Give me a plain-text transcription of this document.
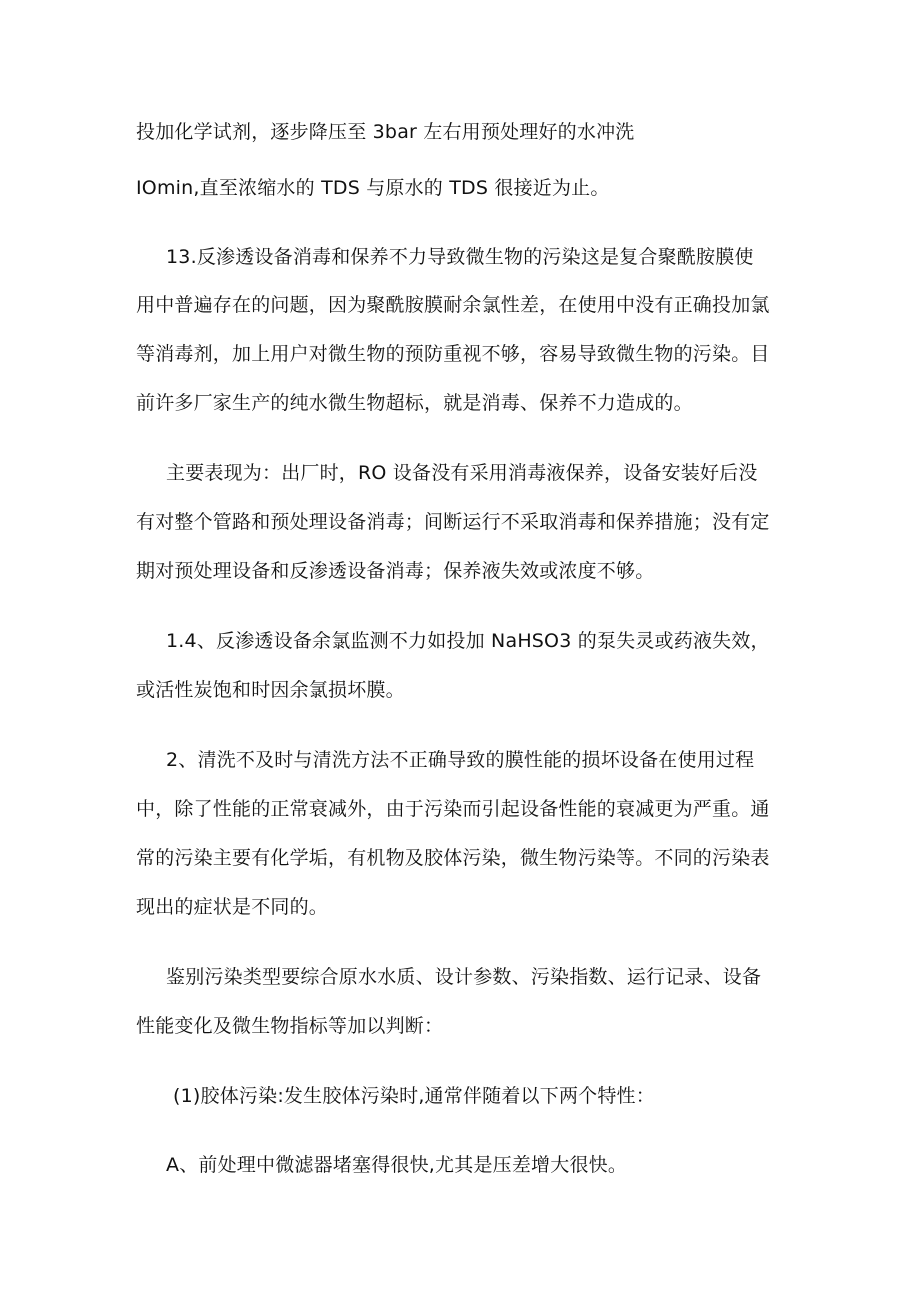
投加化学试剂，逐步降压至 3bar 左右用预处理好的水冲洗
IOmin,直至浓缩水的 TDS 与原水的 TDS 很接近为止。
13.反渗透设备消毒和保养不力导致微生物的污染这是复合聚酰胺膜使
用中普遍存在的问题，因为聚酰胺膜耐余氯性差，在使用中没有正确投加氯
等消毒剂，加上用户对微生物的预防重视不够，容易导致微生物的污染。目
前许多厂家生产的纯水微生物超标，就是消毒、保养不力造成的。
主要表现为：出厂时，RO 设备没有采用消毒液保养，设备安装好后没
有对整个管路和预处理设备消毒；间断运行不采取消毒和保养措施；没有定
期对预处理设备和反渗透设备消毒；保养液失效或浓度不够。
1.4、反渗透设备余氯监测不力如投加 NaHSO3 的泵失灵或药液失效，
或活性炭饱和时因余氯损坏膜。
2、清洗不及时与清洗方法不正确导致的膜性能的损坏设备在使用过程
中，除了性能的正常衰减外，由于污染而引起设备性能的衰减更为严重。通
常的污染主要有化学垢，有机物及胶体污染，微生物污染等。不同的污染表
现出的症状是不同的。
鉴别污染类型要综合原水水质、设计参数、污染指数、运行记录、设备
性能变化及微生物指标等加以判断：
(1)胶体污染:发生胶体污染时,通常伴随着以下两个特性：
A、前处理中微滤器堵塞得很快,尤其是压差增大很快。
